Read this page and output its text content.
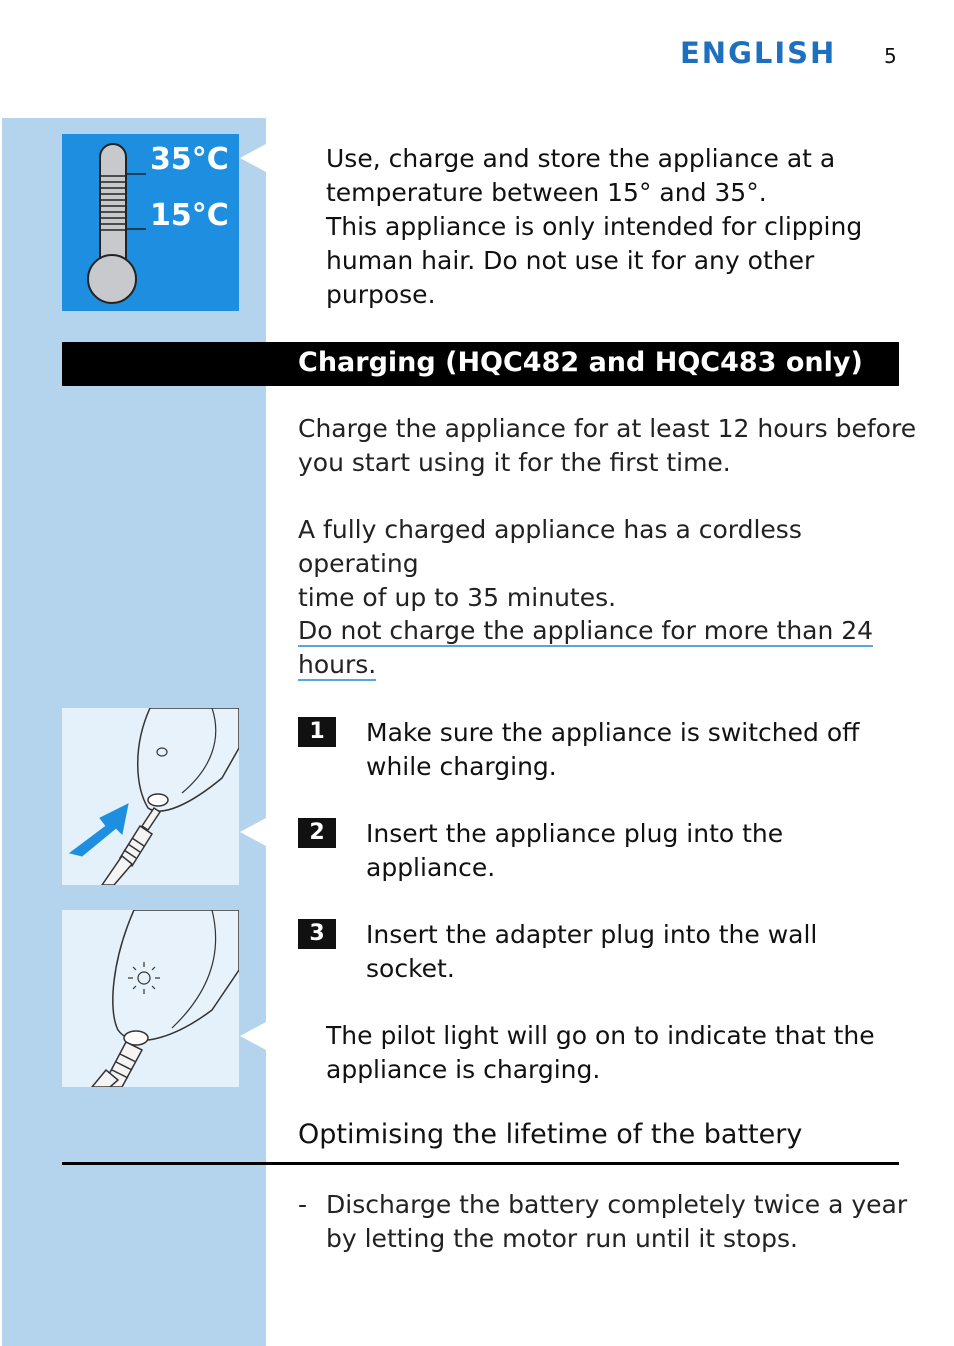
ENGLISH 5
35°C
15°C
Use, charge and store the appliance at a
temperature between 15° and 35°.
This appliance is only intended for clipping
human hair. Do not use it for any other
purpose.
Charging (HQC482 and HQC483 only)
Charge the appliance for at least 12 hours before
you start using it for the first time.
A fully charged appliance has a cordless operating
time of up to 35 minutes.
Do not charge the appliance for more than 24
hours.
1	Make sure the appliance is switched off
while charging.
2	Insert the appliance plug into the
appliance.
3	Insert the adapter plug into the wall
socket.
The pilot light will go on to indicate that the
appliance is charging.
Optimising the lifetime of the battery
- Discharge the battery completely twice a year
by letting the motor run until it stops.
